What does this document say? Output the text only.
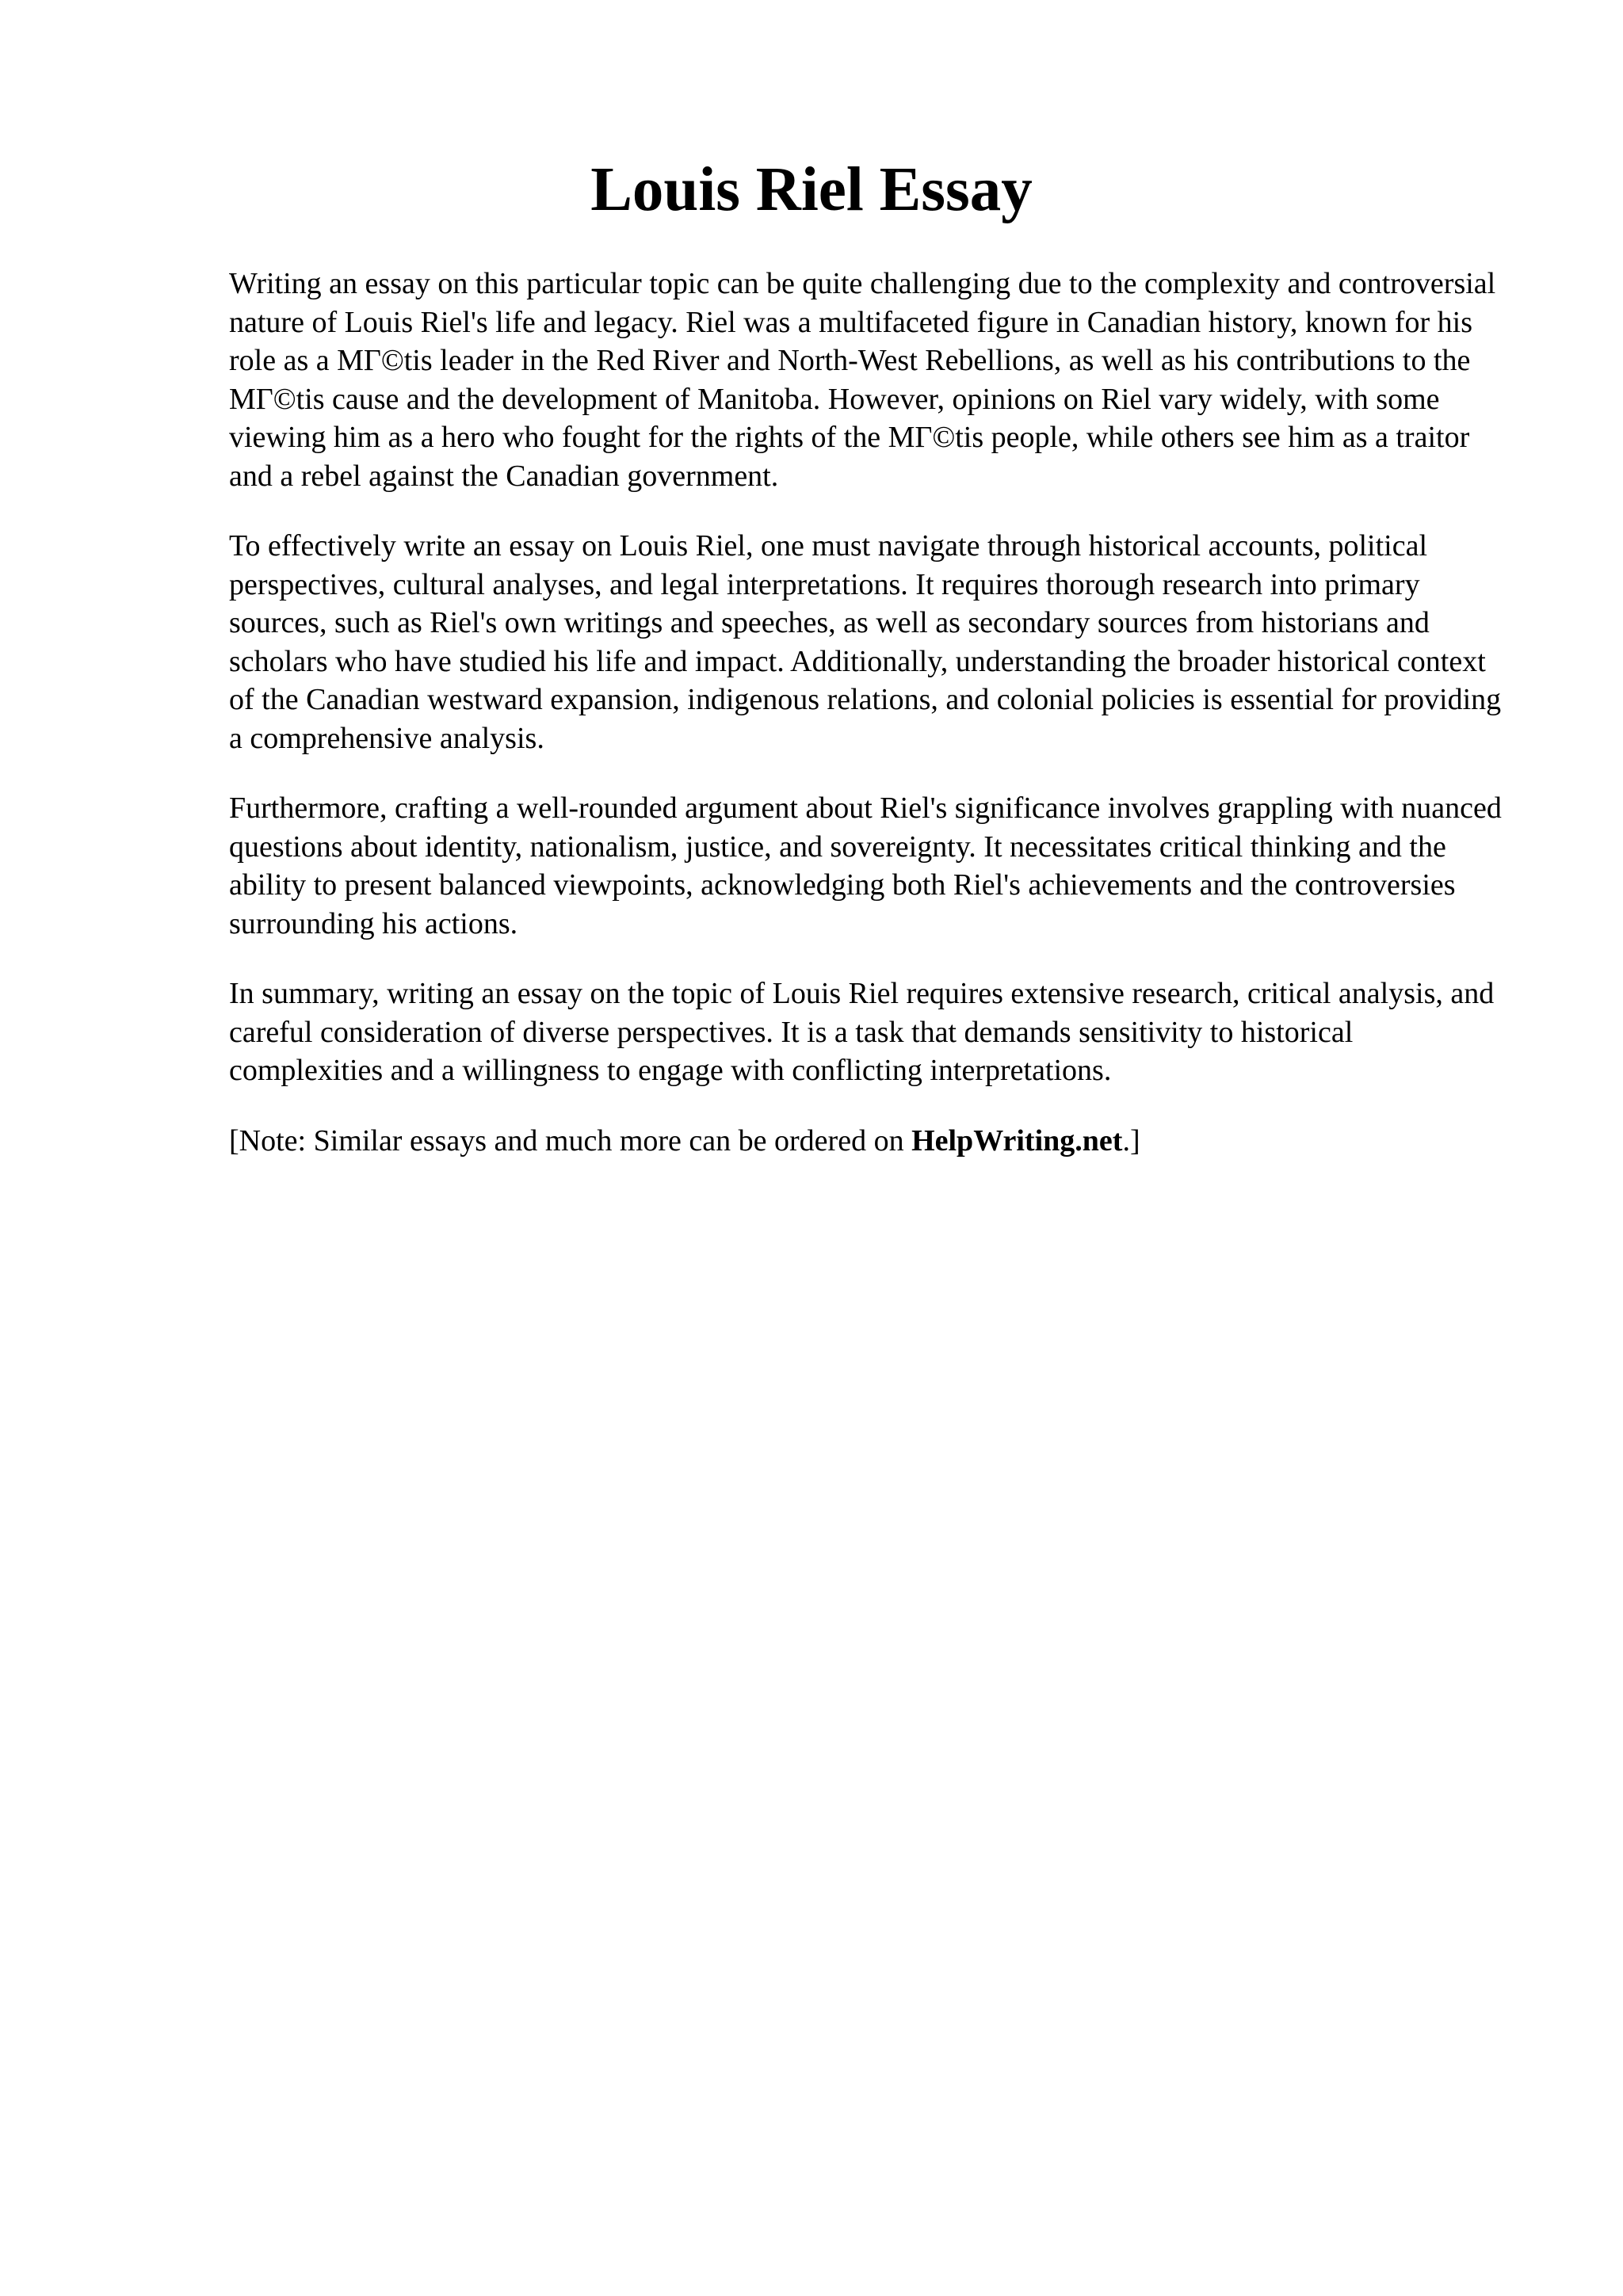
Louis Riel Essay

Writing an essay on this particular topic can be quite challenging due to the complexity and controversial nature of Louis Riel's life and legacy. Riel was a multifaceted figure in Canadian history, known for his role as a MΓ©tis leader in the Red River and North-West Rebellions, as well as his contributions to the MΓ©tis cause and the development of Manitoba. However, opinions on Riel vary widely, with some viewing him as a hero who fought for the rights of the MΓ©tis people, while others see him as a traitor and a rebel against the Canadian government.

To effectively write an essay on Louis Riel, one must navigate through historical accounts, political perspectives, cultural analyses, and legal interpretations. It requires thorough research into primary sources, such as Riel's own writings and speeches, as well as secondary sources from historians and scholars who have studied his life and impact. Additionally, understanding the broader historical context of the Canadian westward expansion, indigenous relations, and colonial policies is essential for providing a comprehensive analysis.

Furthermore, crafting a well-rounded argument about Riel's significance involves grappling with nuanced questions about identity, nationalism, justice, and sovereignty. It necessitates critical thinking and the ability to present balanced viewpoints, acknowledging both Riel's achievements and the controversies surrounding his actions.

In summary, writing an essay on the topic of Louis Riel requires extensive research, critical analysis, and careful consideration of diverse perspectives. It is a task that demands sensitivity to historical complexities and a willingness to engage with conflicting interpretations.

[Note: Similar essays and much more can be ordered on HelpWriting.net.]
